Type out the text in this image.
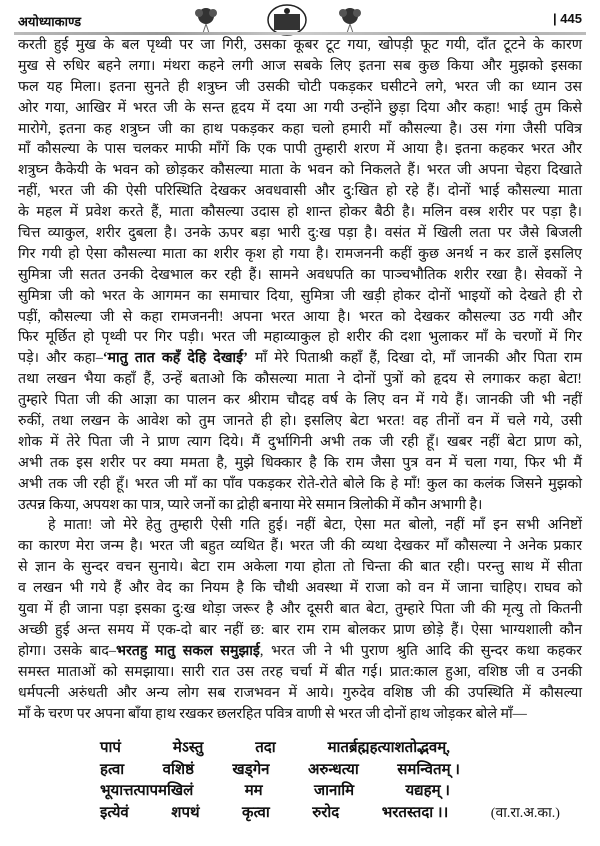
अयोध्याकाण्ड	| 445
करती हुई मुख के बल पृथ्वी पर जा गिरी, उसका कूबर टूट गया, खोपड़ी फूट गयी, दाँत टूटने के कारण
मुख से रुधिर बहने लगा। मंथरा कहने लगी आज सबके लिए इतना सब कुछ किया और मुझको इसका
फल यह मिला। इतना सुनते ही शत्रुघ्न जी उसकी चोटी पकड़कर घसीटने लगे, भरत जी का ध्यान उस
ओर गया, आखिर में भरत जी के सन्त हृदय में दया आ गयी उन्होंने छुड़ा दिया और कहा! भाई तुम किसे
मारोगे, इतना कह शत्रुघ्न जी का हाथ पकड़कर कहा चलो हमारी माँ कौसल्या है। उस गंगा जैसी पवित्र
माँ कौसल्या के पास चलकर माफी माँगें कि एक पापी तुम्हारी शरण में आया है। इतना कहकर भरत और
शत्रुघ्न कैकेयी के भवन को छोड़कर कौसल्या माता के भवन को निकलते हैं। भरत जी अपना चेहरा दिखाते
नहीं, भरत जी की ऐसी परिस्थिति देखकर अवधवासी और दु:खित हो रहे हैं। दोनों भाई कौसल्या माता
के महल में प्रवेश करते हैं, माता कौसल्या उदास हो शान्त होकर बैठी है। मलिन वस्त्र शरीर पर पड़ा है।
चित्त व्याकुल, शरीर दुबला है। उनके ऊपर बड़ा भारी दु:ख पड़ा है। वसंत में खिली लता पर जैसे बिजली
गिर गयी हो ऐसा कौसल्या माता का शरीर कृश हो गया है। रामजननी कहीं कुछ अनर्थ न कर डालें इसलिए
सुमित्रा जी सतत उनकी देखभाल कर रही हैं। सामने अवधपति का पाञ्चभौतिक शरीर रखा है। सेवकों ने
सुमित्रा जी को भरत के आगमन का समाचार दिया, सुमित्रा जी खड़ी होकर दोनों भाइयों को देखते ही रो
पड़ीं, कौसल्या जी से कहा रामजननी! अपना भरत आया है। भरत को देखकर कौसल्या उठ गयी और
फिर मूर्छित हो पृथ्वी पर गिर पड़ी। भरत जी महाव्याकुल हो शरीर की दशा भुलाकर माँ के चरणों में गिर
पड़े। और कहा–‘मातु तात कहँ देहि देखाई’ माँ मेरे पिताश्री कहाँ हैं, दिखा दो, माँ जानकी और पिता राम
तथा लखन भैया कहाँ हैं, उन्हें बताओ कि कौसल्या माता ने दोनों पुत्रों को हृदय से लगाकर कहा बेटा!
तुम्हारे पिता जी की आज्ञा का पालन कर श्रीराम चौदह वर्ष के लिए वन में गये हैं। जानकी जी भी नहीं
रुकीं, तथा लखन के आवेश को तुम जानते ही हो। इसलिए बेटा भरत! वह तीनों वन में चले गये, उसी
शोक में तेरे पिता जी ने प्राण त्याग दिये। मैं दुर्भागिनी अभी तक जी रही हूँ। खबर नहीं बेटा प्राण को,
अभी तक इस शरीर पर क्या ममता है, मुझे धिक्कार है कि राम जैसा पुत्र वन में चला गया, फिर भी मैं
अभी तक जी रही हूँ। भरत जी माँ का पाँव पकड़कर रोते-रोते बोले कि हे माँ! कुल का कलंक जिसने मुझको
उत्पन्न किया, अपयश का पात्र, प्यारे जनों का द्रोही बनाया मेरे समान त्रिलोकी में कौन अभागी है।
हे माता! जो मेरे हेतु तुम्हारी ऐसी गति हुई। नहीं बेटा, ऐसा मत बोलो, नहीं माँ इन सभी अनिष्टों
का कारण मेरा जन्म है। भरत जी बहुत व्यथित हैं। भरत जी की व्यथा देखकर माँ कौसल्या ने अनेक प्रकार
से ज्ञान के सुन्दर वचन सुनाये। बेटा राम अकेला गया होता तो चिन्ता की बात रही। परन्तु साथ में सीता
व लखन भी गये हैं और वेद का नियम है कि चौथी अवस्था में राजा को वन में जाना चाहिए। राघव को
युवा में ही जाना पड़ा इसका दु:ख थोड़ा जरूर है और दूसरी बात बेटा, तुम्हारे पिता जी की मृत्यु तो कितनी
अच्छी हुई अन्त समय में एक-दो बार नहीं छ: बार राम राम बोलकर प्राण छोड़े हैं। ऐसा भाग्यशाली कौन
होगा। उसके बाद–भरतहु मातु सकल समुझाई, भरत जी ने भी पुराण श्रुति आदि की सुन्दर कथा कहकर
समस्त माताओं को समझाया। सारी रात उस तरह चर्चा में बीत गई। प्रात:काल हुआ, वशिष्ठ जी व उनकी
धर्मपत्नी अरुंधती और अन्य लोग सब राजभवन में आये। गुरुदेव वशिष्ठ जी की उपस्थिति में कौसल्या
माँ के चरण पर अपना बाँया हाथ रखकर छलरहित पवित्र वाणी से भरत जी दोनों हाथ जोड़कर बोले माँ—
पापं	मेऽस्तु	तदा	मातर्ब्रह्महत्याशतोद्भवम्,
हत्वा	वशिष्ठं	खड्गेन	अरुन्धत्या	समन्वितम् ।
भूयात्तत्पापमखिलं	मम	जानामि	यद्यहम् ।
इत्येवं	शपथं	कृत्वा	रुरोद	भरतस्तदा ।।	(वा.रा.अ.का.)
